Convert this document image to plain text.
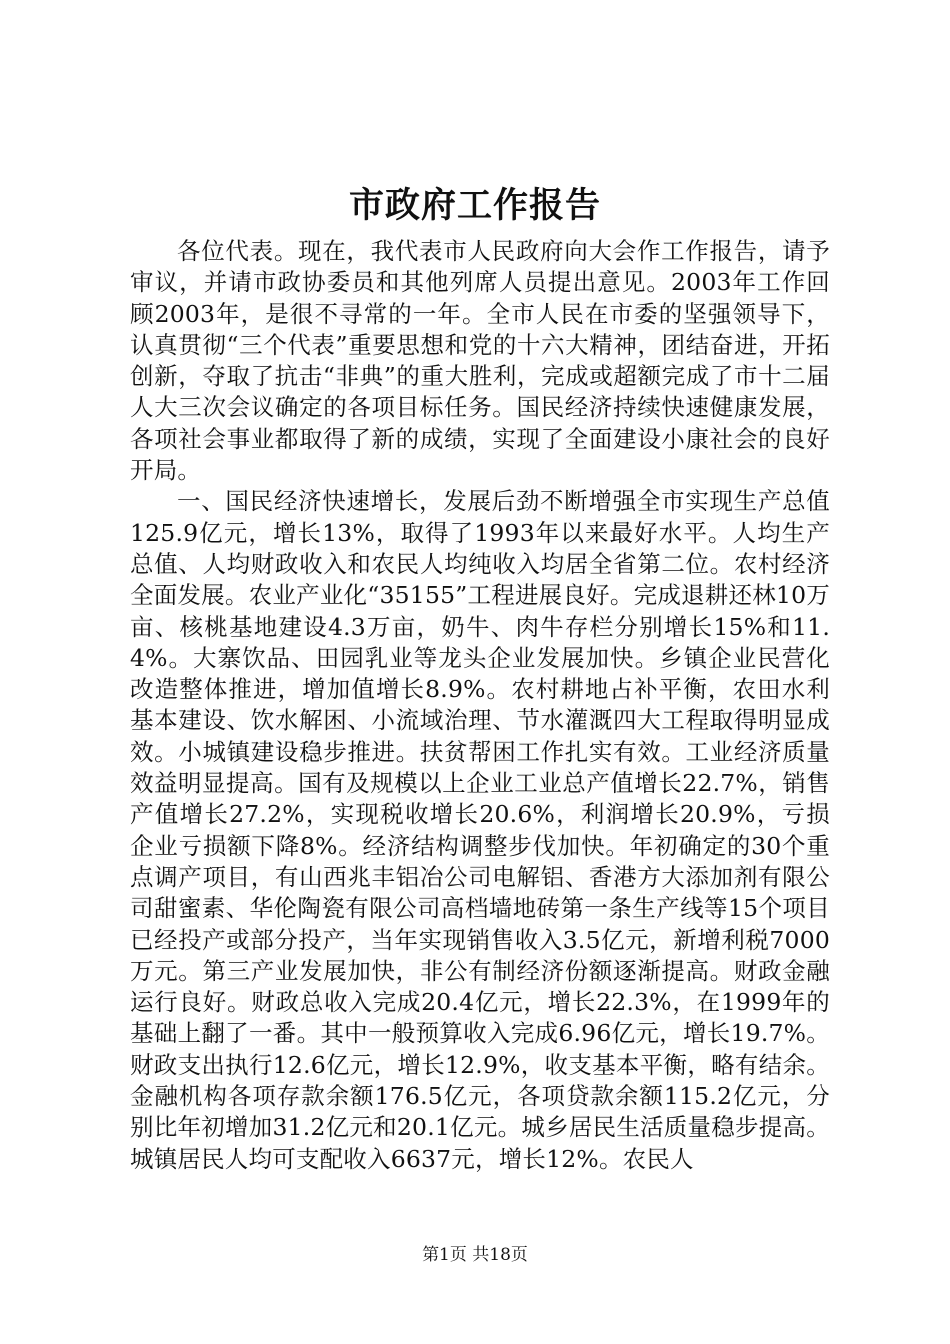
市政府工作报告

各位代表。现在，我代表市人民政府向大会作工作报告，请予审议，并请市政协委员和其他列席人员提出意见。2003年工作回顾2003年，是很不寻常的一年。全市人民在市委的坚强领导下，认真贯彻“三个代表”重要思想和党的十六大精神，团结奋进，开拓创新，夺取了抗击“非典”的重大胜利，完成或超额完成了市十二届人大三次会议确定的各项目标任务。国民经济持续快速健康发展，各项社会事业都取得了新的成绩，实现了全面建设小康社会的良好开局。

一、国民经济快速增长，发展后劲不断增强全市实现生产总值125.9亿元，增长13%，取得了1993年以来最好水平。人均生产总值、人均财政收入和农民人均纯收入均居全省第二位。农村经济全面发展。农业产业化“35155”工程进展良好。完成退耕还林10万亩、核桃基地建设4.3万亩，奶牛、肉牛存栏分别增长15%和11.4%。大寨饮品、田园乳业等龙头企业发展加快。乡镇企业民营化改造整体推进，增加值增长8.9%。农村耕地占补平衡，农田水利基本建设、饮水解困、小流域治理、节水灌溉四大工程取得明显成效。小城镇建设稳步推进。扶贫帮困工作扎实有效。工业经济质量效益明显提高。国有及规模以上企业工业总产值增长22.7%，销售产值增长27.2%，实现税收增长20.6%，利润增长20.9%，亏损企业亏损额下降8%。经济结构调整步伐加快。年初确定的30个重点调产项目，有山西兆丰铝冶公司电解铝、香港方大添加剂有限公司甜蜜素、华伦陶瓷有限公司高档墙地砖第一条生产线等15个项目已经投产或部分投产，当年实现销售收入3.5亿元，新增利税7000万元。第三产业发展加快，非公有制经济份额逐渐提高。财政金融运行良好。财政总收入完成20.4亿元，增长22.3%，在1999年的基础上翻了一番。其中一般预算收入完成6.96亿元，增长19.7%。财政支出执行12.6亿元，增长12.9%，收支基本平衡，略有结余。金融机构各项存款余额176.5亿元，各项贷款余额115.2亿元，分别比年初增加31.2亿元和20.1亿元。城乡居民生活质量稳步提高。城镇居民人均可支配收入6637元，增长12%。农民人

第1页 共18页
